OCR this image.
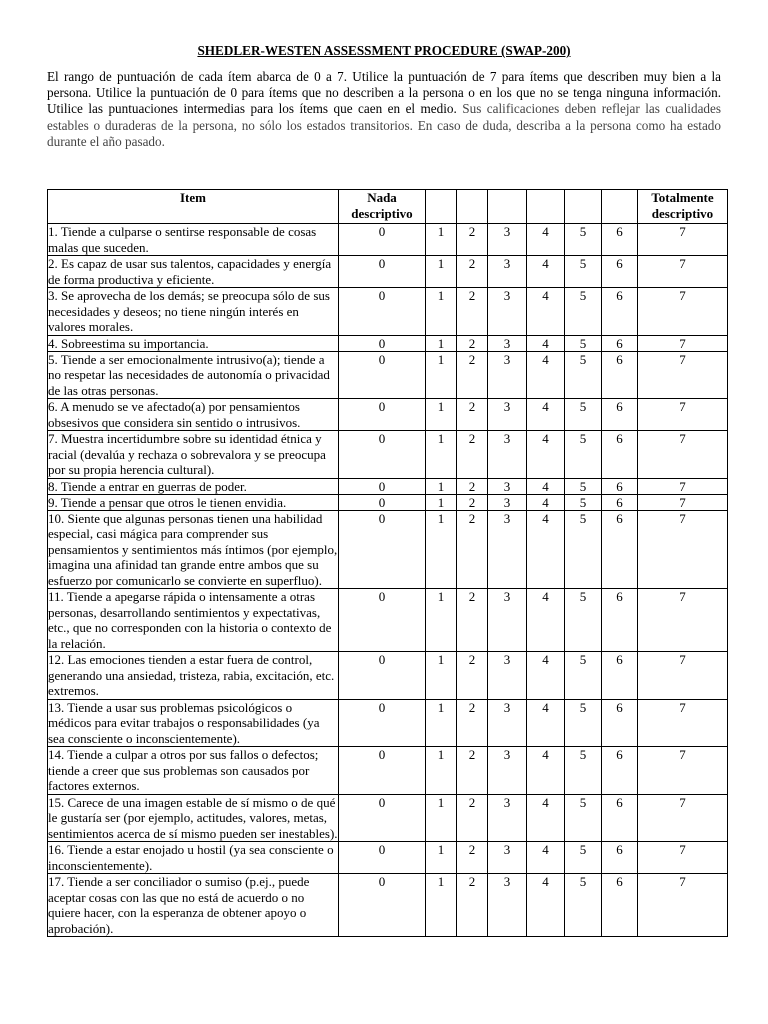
SHEDLER-WESTEN ASSESSMENT PROCEDURE (SWAP-200)
El rango de puntuación de cada ítem abarca de 0 a 7. Utilice la puntuación de 7 para ítems que describen muy bien a la persona. Utilice la puntuación de 0 para ítems que no describen a la persona o en los que no se tenga ninguna información. Utilice las puntuaciones intermedias para los ítems que caen en el medio. Sus calificaciones deben reflejar las cualidades estables o duraderas de la persona, no sólo los estados transitorios. En caso de duda, describa a la persona como ha estado durante el año pasado.
Item	Nada descriptivo							Totalmente descriptivo
1. Tiende a culparse o sentirse responsable de cosas malas que suceden.	0	1	2	3	4	5	6	7
2. Es capaz de usar sus talentos, capacidades y energía de forma productiva y eficiente.	0	1	2	3	4	5	6	7
3. Se aprovecha de los demás; se preocupa sólo de sus necesidades y deseos; no tiene ningún interés en valores morales.	0	1	2	3	4	5	6	7
4. Sobreestima su importancia.	0	1	2	3	4	5	6	7
5. Tiende a ser emocionalmente intrusivo(a); tiende a no respetar las necesidades de autonomía o privacidad de las otras personas.	0	1	2	3	4	5	6	7
6. A menudo se ve afectado(a) por pensamientos obsesivos que considera sin sentido o intrusivos.	0	1	2	3	4	5	6	7
7. Muestra incertidumbre sobre su identidad étnica y racial (devalúa y rechaza o sobrevalora y se preocupa por su propia herencia cultural).	0	1	2	3	4	5	6	7
8. Tiende a entrar en guerras de poder.	0	1	2	3	4	5	6	7
9. Tiende a pensar que otros le tienen envidia.	0	1	2	3	4	5	6	7
10. Siente que algunas personas tienen una habilidad especial, casi mágica para comprender sus pensamientos y sentimientos más íntimos (por ejemplo, imagina una afinidad tan grande entre ambos que su esfuerzo por comunicarlo se convierte en superfluo).	0	1	2	3	4	5	6	7
11. Tiende a apegarse rápida o intensamente a otras personas, desarrollando sentimientos y expectativas, etc., que no corresponden con la historia o contexto de la relación.	0	1	2	3	4	5	6	7
12. Las emociones tienden a estar fuera de control, generando una ansiedad, tristeza, rabia, excitación, etc. extremos.	0	1	2	3	4	5	6	7
13. Tiende a usar sus problemas psicológicos o médicos para evitar trabajos o responsabilidades (ya sea consciente o inconscientemente).	0	1	2	3	4	5	6	7
14. Tiende a culpar a otros por sus fallos o defectos; tiende a creer que sus problemas son causados por factores externos.	0	1	2	3	4	5	6	7
15. Carece de una imagen estable de sí mismo o de qué le gustaría ser (por ejemplo, actitudes, valores, metas, sentimientos acerca de sí mismo pueden ser inestables).	0	1	2	3	4	5	6	7
16. Tiende a estar enojado u hostil (ya sea consciente o inconscientemente).	0	1	2	3	4	5	6	7
17. Tiende a ser conciliador o sumiso (p.ej., puede aceptar cosas con las que no está de acuerdo o no quiere hacer, con la esperanza de obtener apoyo o aprobación).	0	1	2	3	4	5	6	7
